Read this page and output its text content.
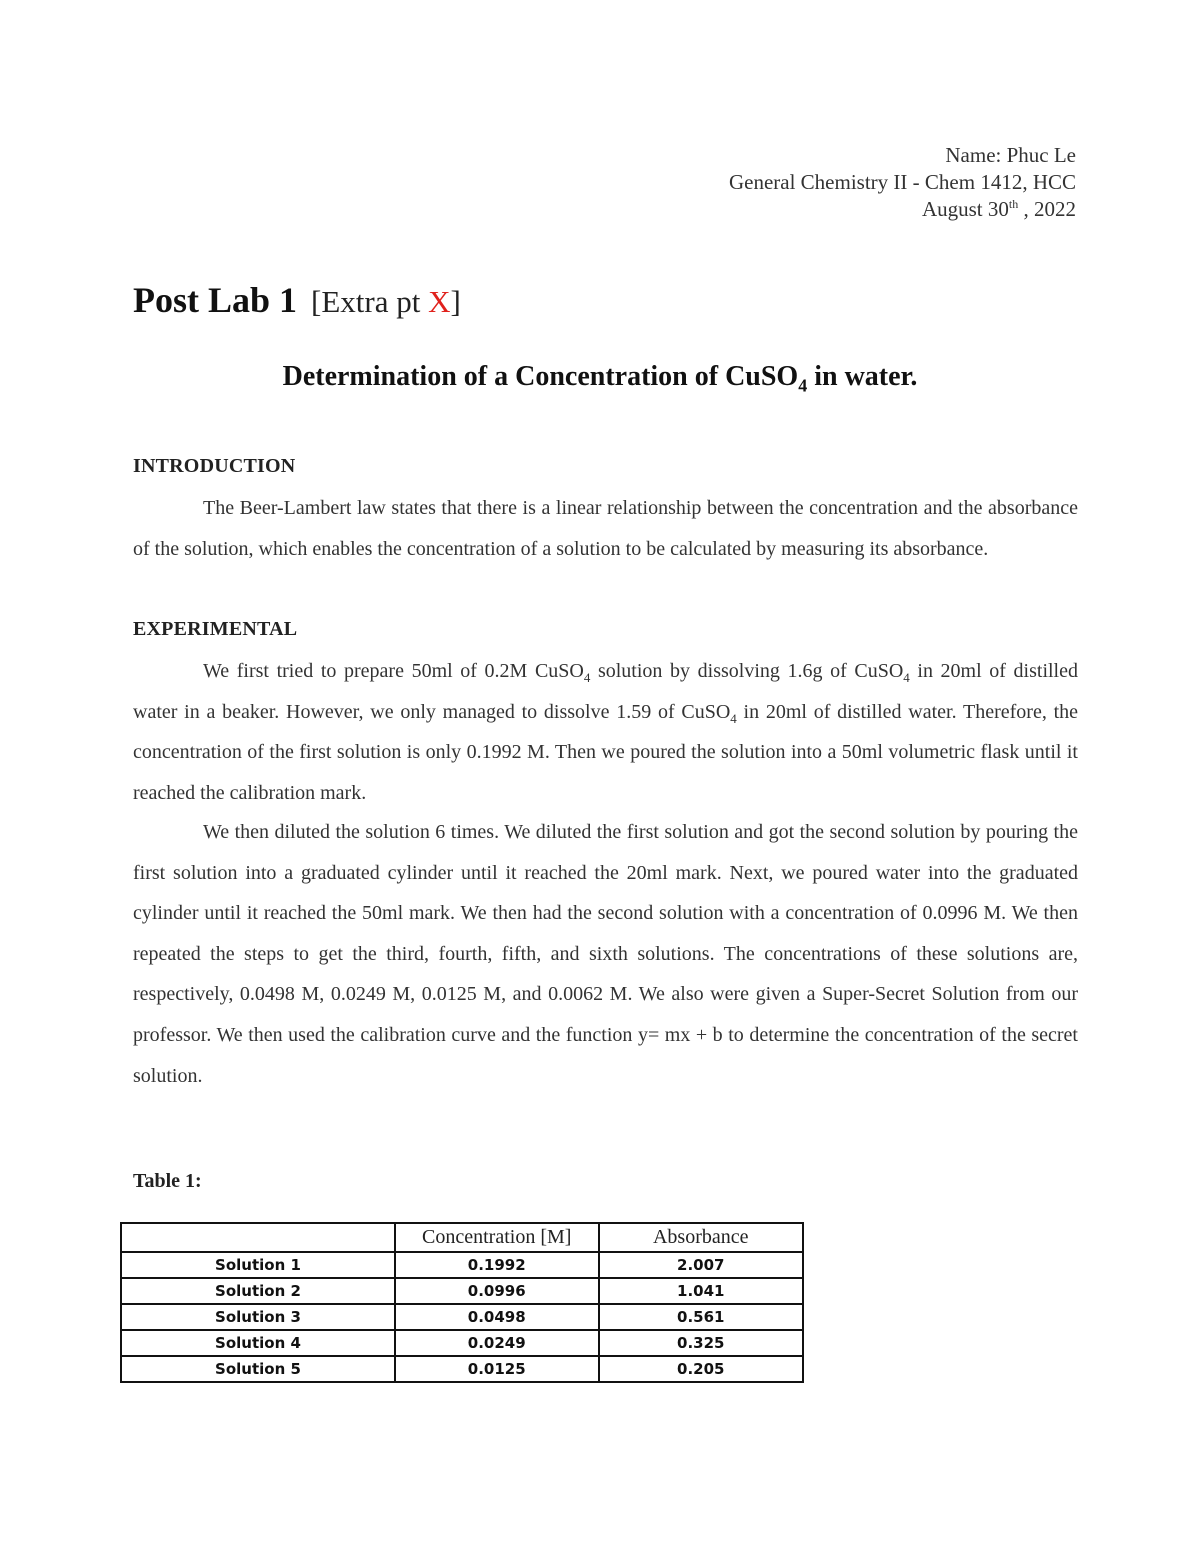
Name: Phuc Le
General Chemistry II - Chem 1412, HCC
August 30th , 2022
Post Lab 1 [Extra pt X]
Determination of a Concentration of CuSO$_4$ in water.
INTRODUCTION
The Beer-Lambert law states that there is a linear relationship between the concentration and the absorbance of the solution, which enables the concentration of a solution to be calculated by measuring its absorbance.
EXPERIMENTAL
We first tried to prepare 50ml of 0.2M CuSO$_4$ solution by dissolving 1.6g of CuSO$_4$ in 20ml of distilled water in a beaker. However, we only managed to dissolve 1.59 of CuSO$_4$ in 20ml of distilled water. Therefore, the concentration of the first solution is only 0.1992 M. Then we poured the solution into a 50ml volumetric flask until it reached the calibration mark.
We then diluted the solution 6 times. We diluted the first solution and got the second solution by pouring the first solution into a graduated cylinder until it reached the 20ml mark. Next, we poured water into the graduated cylinder until it reached the 50ml mark. We then had the second solution with a concentration of 0.0996 M. We then repeated the steps to get the third, fourth, fifth, and sixth solutions. The concentrations of these solutions are, respectively, 0.0498 M, 0.0249 M, 0.0125 M, and 0.0062 M. We also were given a Super-Secret Solution from our professor. We then used the calibration curve and the function y= mx + b to determine the concentration of the secret solution.
Table 1:
	Concentration [M]	Absorbance
Solution 1	0.1992	2.007
Solution 2	0.0996	1.041
Solution 3	0.0498	0.561
Solution 4	0.0249	0.325
Solution 5	0.0125	0.205
